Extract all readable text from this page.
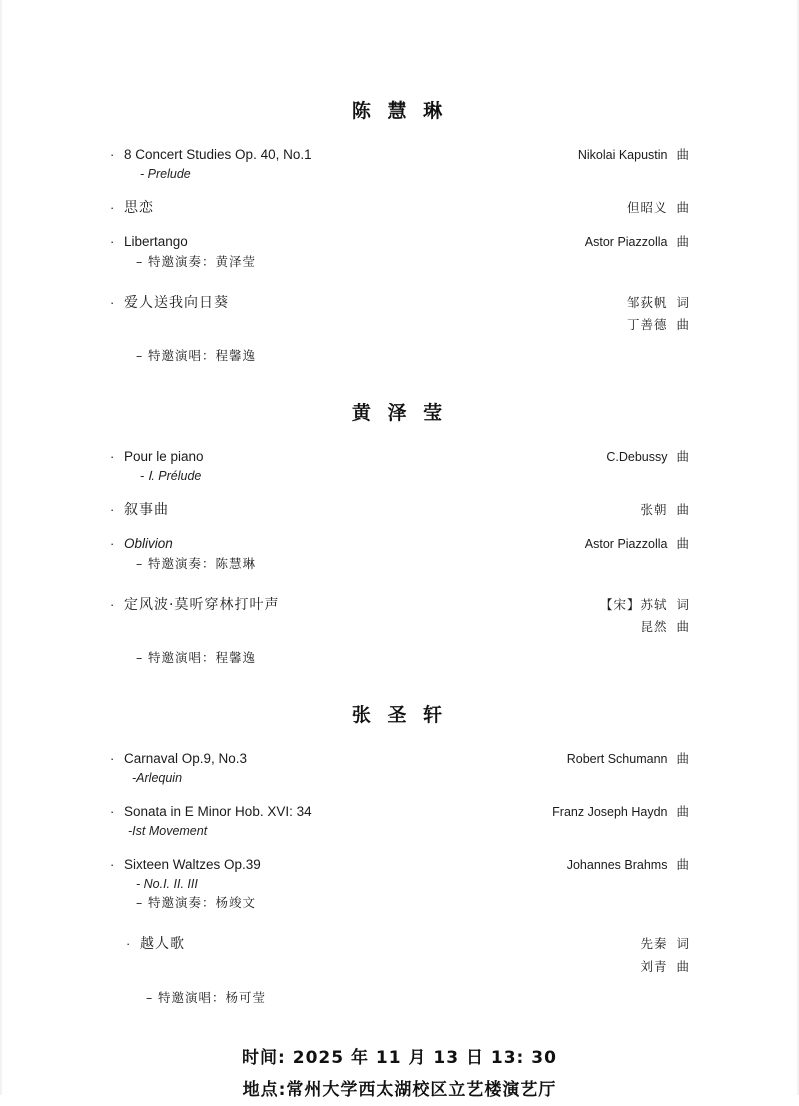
陈 慧 琳
· 8 Concert Studies Op. 40, No.1	Nikolai Kapustin 曲
- Prelude
· 思恋	但昭义 曲
· Libertango	Astor Piazzolla 曲
– 特邀演奏：黄泽莹
· 爱人送我向日葵	邹荻帆 词
丁善德 曲
– 特邀演唱：程馨逸
黄 泽 莹
· Pour le piano	C.Debussy 曲
- Ⅰ. Prélude
· 叙事曲	张朝 曲
· Oblivion	Astor Piazzolla 曲
– 特邀演奏：陈慧琳
· 定风波·莫听穿林打叶声	【宋】苏轼 词
昆然 曲
– 特邀演唱：程馨逸
张 圣 轩
· Carnaval Op.9, No.3	Robert Schumann 曲
-Arlequin
· Sonata in E Minor Hob. XVI: 34	Franz Joseph Haydn 曲
-Ist Movement
· Sixteen Waltzes Op.39	Johannes Brahms 曲
- No.I. II. III
– 特邀演奏：杨竣文
· 越人歌	先秦 词
刘青 曲
– 特邀演唱：杨可莹
时间: 2025 年 11 月 13 日 13: 30
地点:常州大学西太湖校区立艺楼演艺厅
